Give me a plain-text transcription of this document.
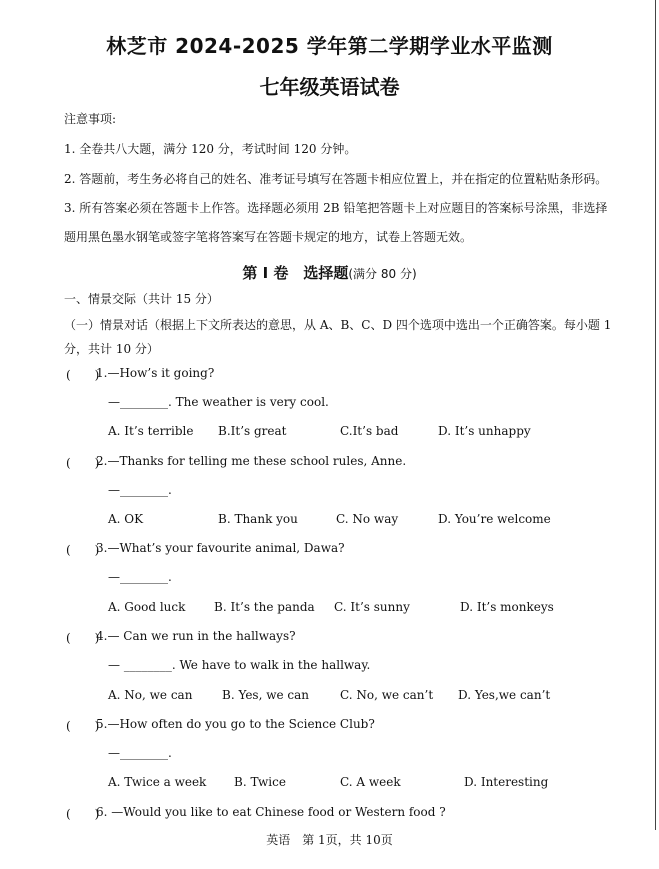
林芝市 2024-2025 学年第二学期学业水平监测
七年级英语试卷
注意事项:
1. 全卷共八大题，满分 120 分，考试时间 120 分钟。
2. 答题前，考生务必将自己的姓名、准考证号填写在答题卡相应位置上，并在指定的位置粘贴条形码。
3. 所有答案必须在答题卡上作答。选择题必须用 2B 铅笔把答题卡上对应题目的答案标号涂黑，非选择
题用黑色墨水钢笔或签字笔将答案写在答题卡规定的地方，试卷上答题无效。
第 I 卷　选择题(满分 80 分)
一、情景交际（共计 15 分）
（一）情景对话（根据上下文所表达的意思，从 A、B、C、D 四个选项中选出一个正确答案。每小题 1
分，共计 10 分）
(　　)
1.—How’s it going?
—________. The weather is very cool.
A. It’s terrible B.It’s great	C.It’s bad	D. It’s unhappy
(　　)
2.—Thanks for telling me these school rules, Anne.
—________.
A. OK	B. Thank you	C. No way	D. You’re welcome
(　　)
3.—What’s your favourite animal, Dawa?
—________.
A. Good luck B. It’s the panda C. It’s sunny	D. It’s monkeys
(　　)
4.— Can we run in the hallways?
— ________. We have to walk in the hallway.
A. No, we can B. Yes, we can	C. No, we can’t D. Yes,we can’t
(　　)
5.—How often do you go to the Science Club?
—________.
A. Twice a week B. Twice	C. A week	D. Interesting
(　　)
6. —Would you like to eat Chinese food or Western food ?
英语　第 1页，共 10页
